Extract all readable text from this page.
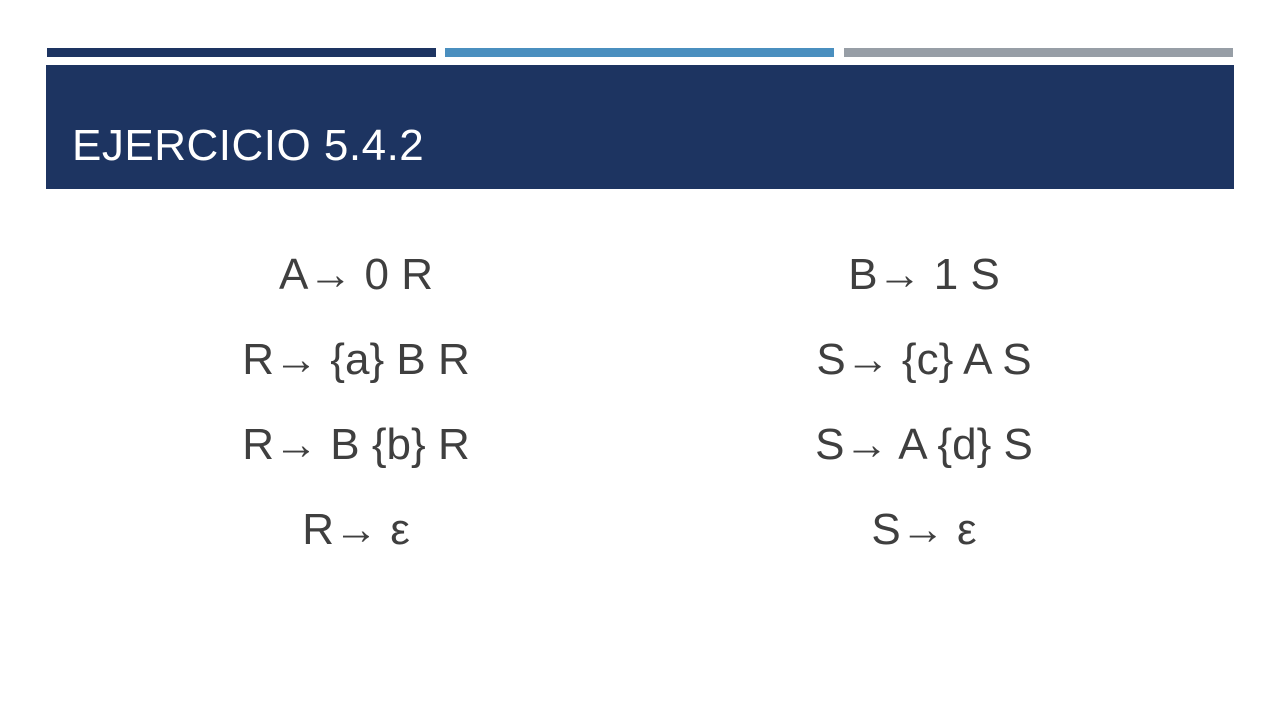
EJERCICIO 5.4.2
A→ 0 R
R→ {a} B R
R→ B {b} R
R→ ε
B→ 1 S
S→ {c} A S
S→ A {d} S
S→ ε
